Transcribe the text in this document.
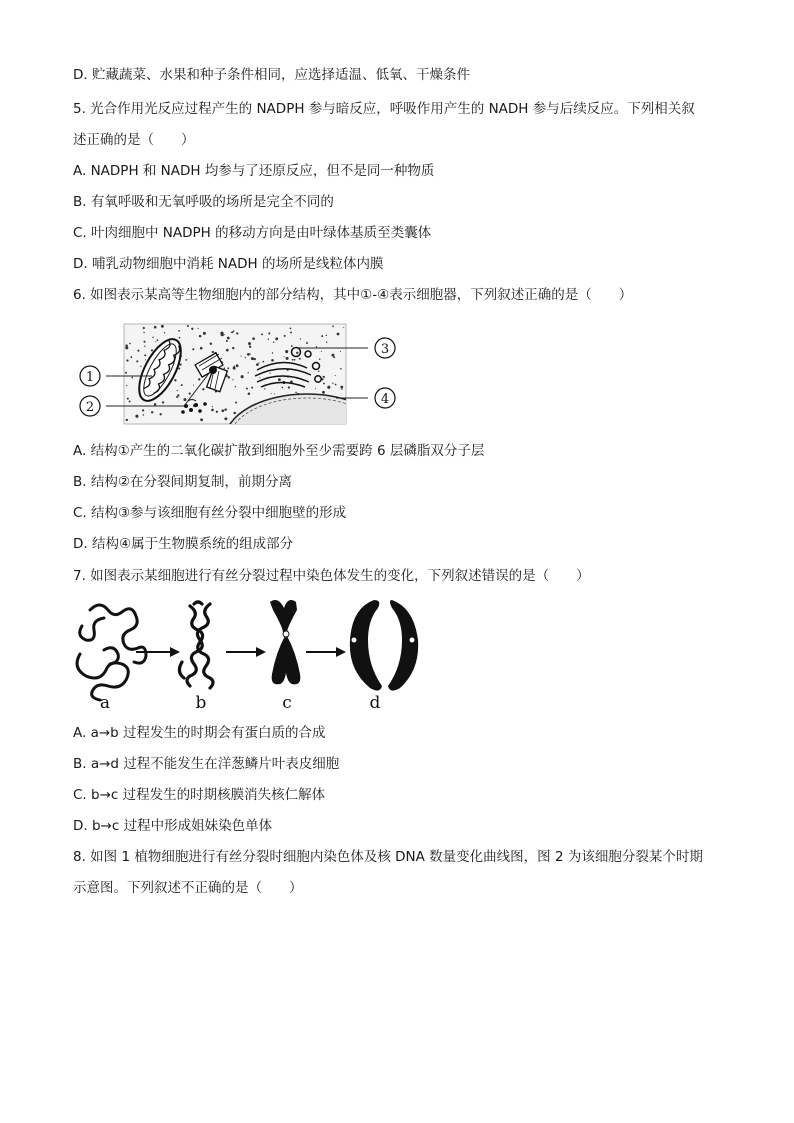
D. 贮藏蔬菜、水果和种子条件相同，应选择适温、低氧、干燥条件
5. 光合作用光反应过程产生的 NADPH 参与暗反应，呼吸作用产生的 NADH 参与后续反应。下列相关叙
述正确的是（　　）
A. NADPH 和 NADH 均参与了还原反应，但不是同一种物质
B. 有氧呼吸和无氧呼吸的场所是完全不同的
C. 叶肉细胞中 NADPH 的移动方向是由叶绿体基质至类囊体
D. 哺乳动物细胞中消耗 NADH 的场所是线粒体内膜
6. 如图表示某高等生物细胞内的部分结构，其中①-④表示细胞器，下列叙述正确的是（　　）
1
2
3
4
A. 结构①产生的二氧化碳扩散到细胞外至少需要跨 6 层磷脂双分子层
B. 结构②在分裂间期复制，前期分离
C. 结构③参与该细胞有丝分裂中细胞壁的形成
D. 结构④属于生物膜系统的组成部分
7. 如图表示某细胞进行有丝分裂过程中染色体发生的变化，下列叙述错误的是（　　）
a	b	c	d
A. a→b 过程发生的时期会有蛋白质的合成
B. a→d 过程不能发生在洋葱鳞片叶表皮细胞
C. b→c 过程发生的时期核膜消失核仁解体
D. b→c 过程中形成姐妹染色单体
8. 如图 1 植物细胞进行有丝分裂时细胞内染色体及核 DNA 数量变化曲线图，图 2 为该细胞分裂某个时期
示意图。下列叙述不正确的是（　　）
